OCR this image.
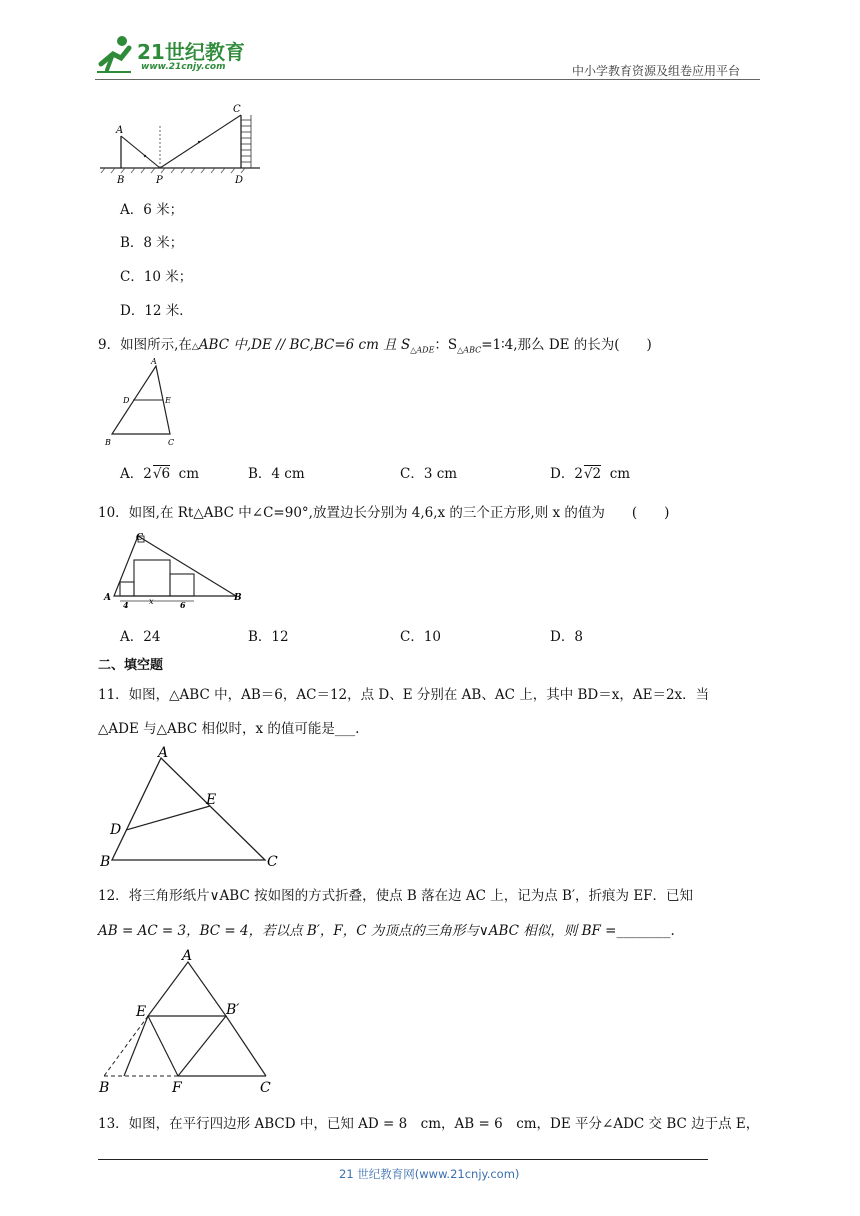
21世纪教育
www.21cnjy.com	中小学教育资源及组卷应用平台
A
B	P
C
D
A．6 米；
B．8 米；
C．10 米；
D．12 米．
9．如图所示,在△ABC 中,DE // BC,BC=6 cm 且 $S_{\triangle ADE}$：$S_{\triangle ABC}=1∶4$,那么 DE 的长为(　　)
A
D	E
B	C
A．2√6 cm	B．4 cm	C．3 cm	D．2√2 cm
10．如图,在 Rt△ABC 中∠C=90°,放置边长分别为 4,6,x 的三个正方形,则 x 的值为　　(　　)
C
A
4	x	6
B
A．24	B．12	C．10	D．8
二、填空题
11．如图，△ABC 中，AB＝6，AC＝12，点 D、E 分别在 AB、AC 上，其中 BD＝x，AE＝2x．当
△ADE 与△ABC 相似时，x 的值可能是___.
A
E
D
B	C
12．将三角形纸片∨ABC 按如图的方式折叠，使点 B 落在边 AC 上，记为点 B′，折痕为 EF．已知
AB = AC = 3，BC = 4，若以点 B′，F，C 为顶点的三角形与∨ABC 相似，则 BF =________.
A
E	B′
B	F	C
13．如图，在平行四边形 ABCD 中，已知 AD = 8　cm，AB = 6　cm，DE 平分∠ADC 交 BC 边于点 E，
21 世纪教育网(www.21cnjy.com)
